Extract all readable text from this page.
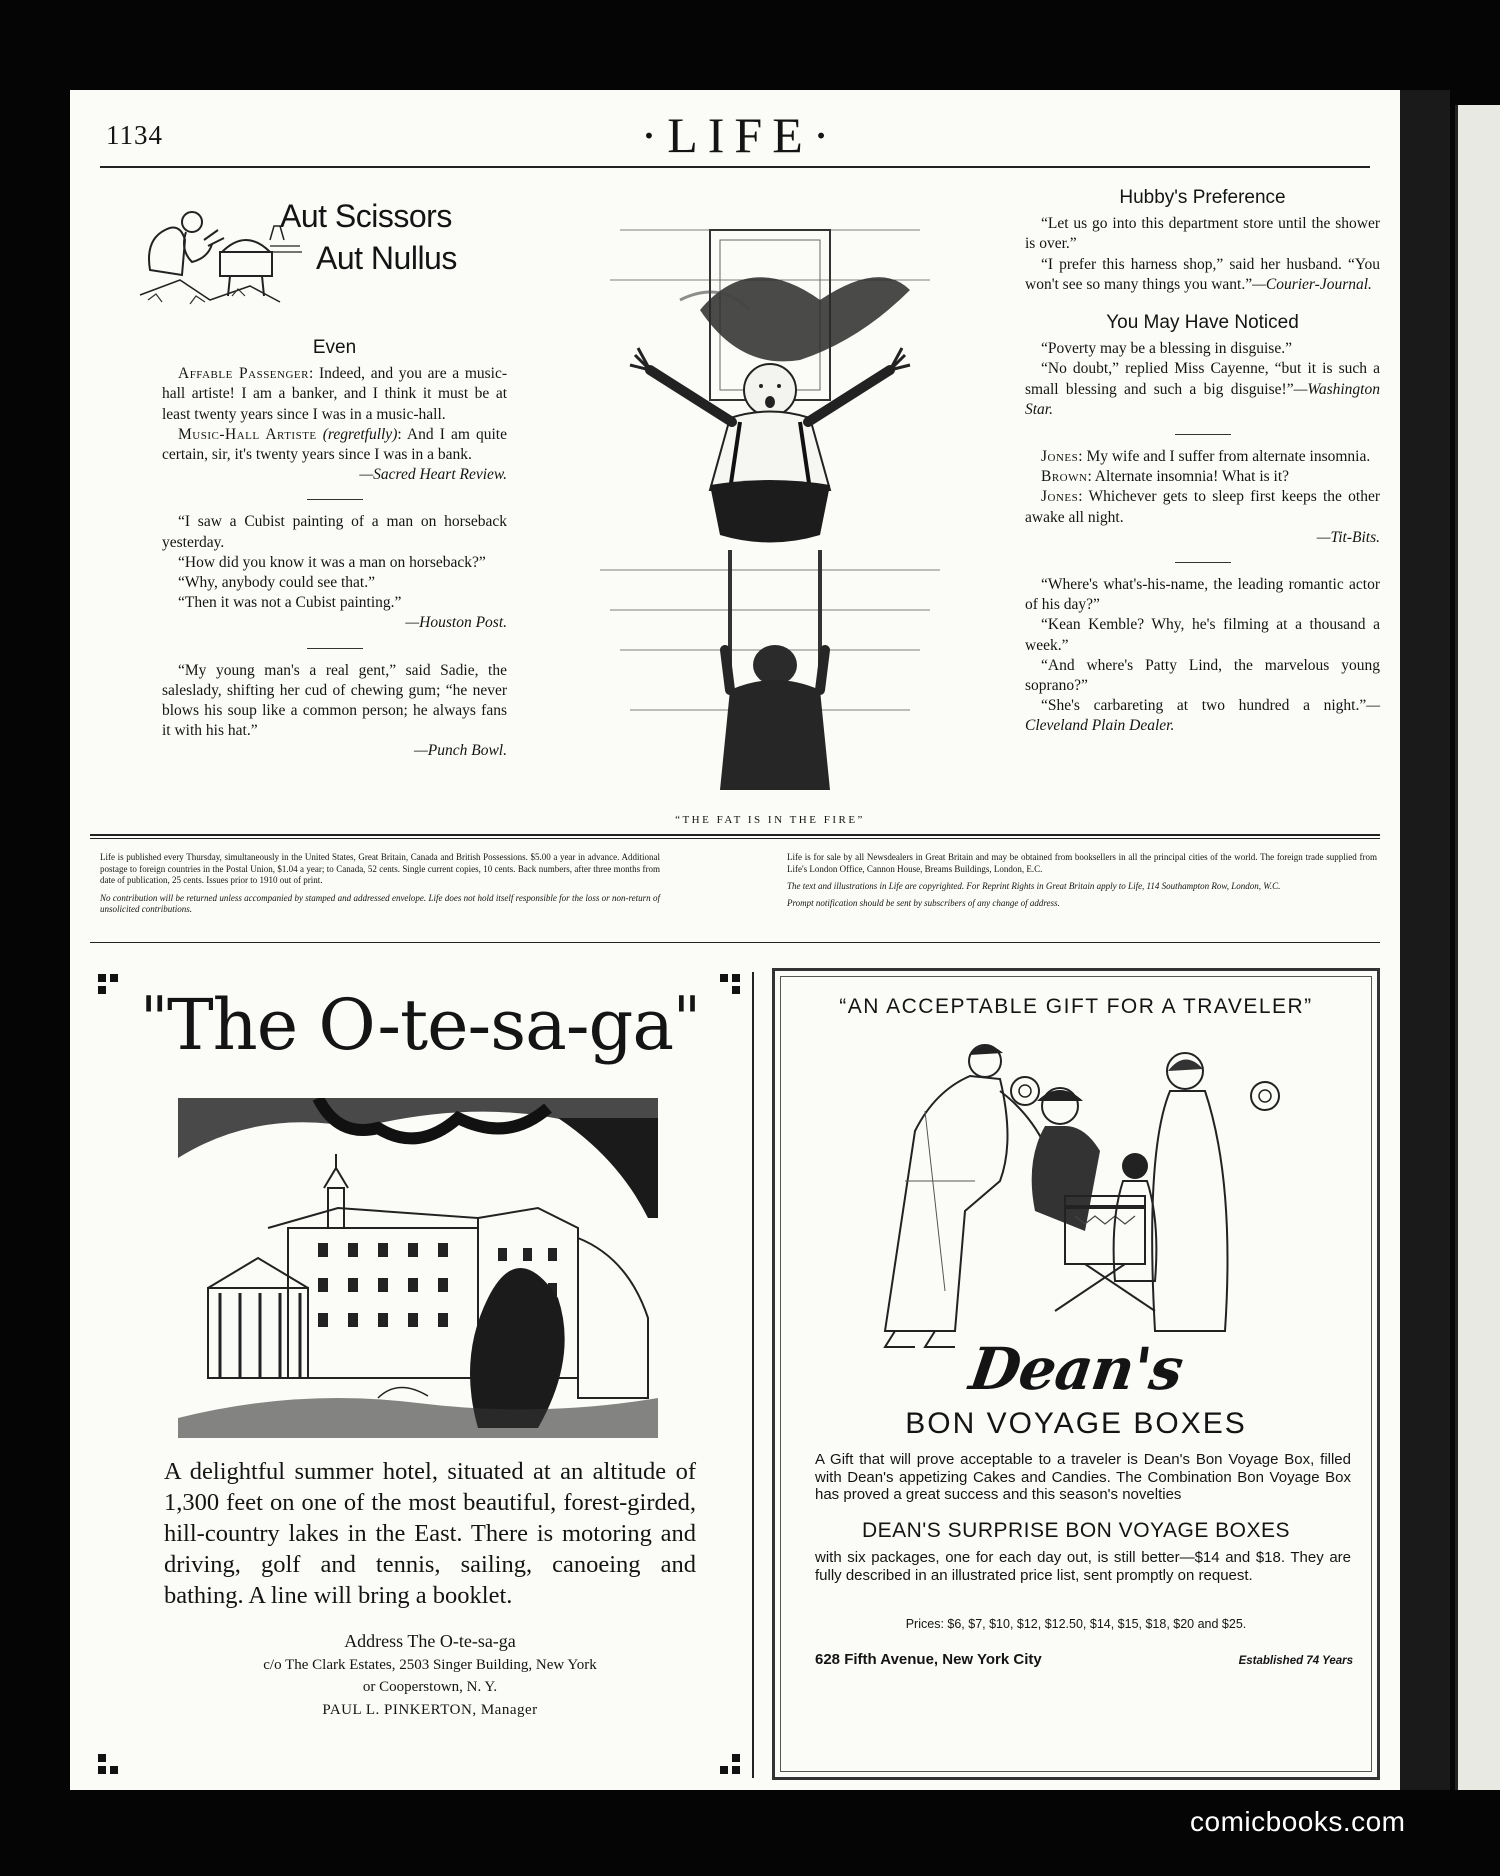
1134	·LIFE·
Aut Scissors
Aut Nullus
Even

Affable Passenger: Indeed, and you are a music-hall artiste! I am a banker, and I think it must be at least twenty years since I was in a music-hall.

Music-Hall Artiste (regretfully): And I am quite certain, sir, it's twenty years since I was in a bank.

—Sacred Heart Review.

“I saw a Cubist painting of a man on horseback yesterday.

“How did you know it was a man on horseback?”

“Why, anybody could see that.”

“Then it was not a Cubist painting.”

—Houston Post.

“My young man's a real gent,” said Sadie, the saleslady, shifting her cud of chewing gum; “he never blows his soup like a common person; he always fans it with his hat.”

—Punch Bowl.

“THE FAT IS IN THE FIRE”
Hubby's Preference

“Let us go into this department store until the shower is over.”

“I prefer this harness shop,” said her husband. “You won't see so many things you want.”—Courier-Journal.

You May Have Noticed

“Poverty may be a blessing in disguise.”

“No doubt,” replied Miss Cayenne, “but it is such a small blessing and such a big disguise!”—Washington Star.

Jones: My wife and I suffer from alternate insomnia.

Brown: Alternate insomnia! What is it?

Jones: Whichever gets to sleep first keeps the other awake all night.

—Tit-Bits.

“Where's what's-his-name, the leading romantic actor of his day?”

“Kean Kemble? Why, he's filming at a thousand a week.”

“And where's Patty Lind, the marvelous young soprano?”

“She's carbareting at two hundred a night.”—Cleveland Plain Dealer.

Life is published every Thursday, simultaneously in the United States, Great Britain, Canada and British Possessions. $5.00 a year in advance. Additional postage to foreign countries in the Postal Union, $1.04 a year; to Canada, 52 cents. Single current copies, 10 cents. Back numbers, after three months from date of publication, 25 cents. Issues prior to 1910 out of print.

No contribution will be returned unless accompanied by stamped and addressed envelope. Life does not hold itself responsible for the loss or non-return of unsolicited contributions.

Life is for sale by all Newsdealers in Great Britain and may be obtained from booksellers in all the principal cities of the world. The foreign trade supplied from Life's London Office, Cannon House, Breams Buildings, London, E.C.

The text and illustrations in Life are copyrighted. For Reprint Rights in Great Britain apply to Life, 114 Southampton Row, London, W.C.

Prompt notification should be sent by subscribers of any change of address.

"The O-te-sa-ga"
A delightful summer hotel, situated at an altitude of 1,300 feet on one of the most beautiful, forest-girded, hill-country lakes in the East. There is motoring and driving, golf and tennis, sailing, canoeing and bathing. A line will bring a booklet.
Address The O-te-sa-ga
c/o The Clark Estates, 2503 Singer Building, New York
or Cooperstown, N. Y.
PAUL L. PINKERTON, Manager
“AN ACCEPTABLE GIFT FOR A TRAVELER”
Dean's
BON VOYAGE BOXES
A Gift that will prove acceptable to a traveler is Dean's Bon Voyage Box, filled with Dean's appetizing Cakes and Candies. The Combination Bon Voyage Box has proved a great success and this season's novelties
DEAN'S SURPRISE BON VOYAGE BOXES
with six packages, one for each day out, is still better—$14 and $18. They are fully described in an illustrated price list, sent promptly on request.
Prices: $6, $7, $10, $12, $12.50, $14, $15, $18, $20 and $25.
628 Fifth Avenue, New York City	Established 74 Years
comicbooks.com
